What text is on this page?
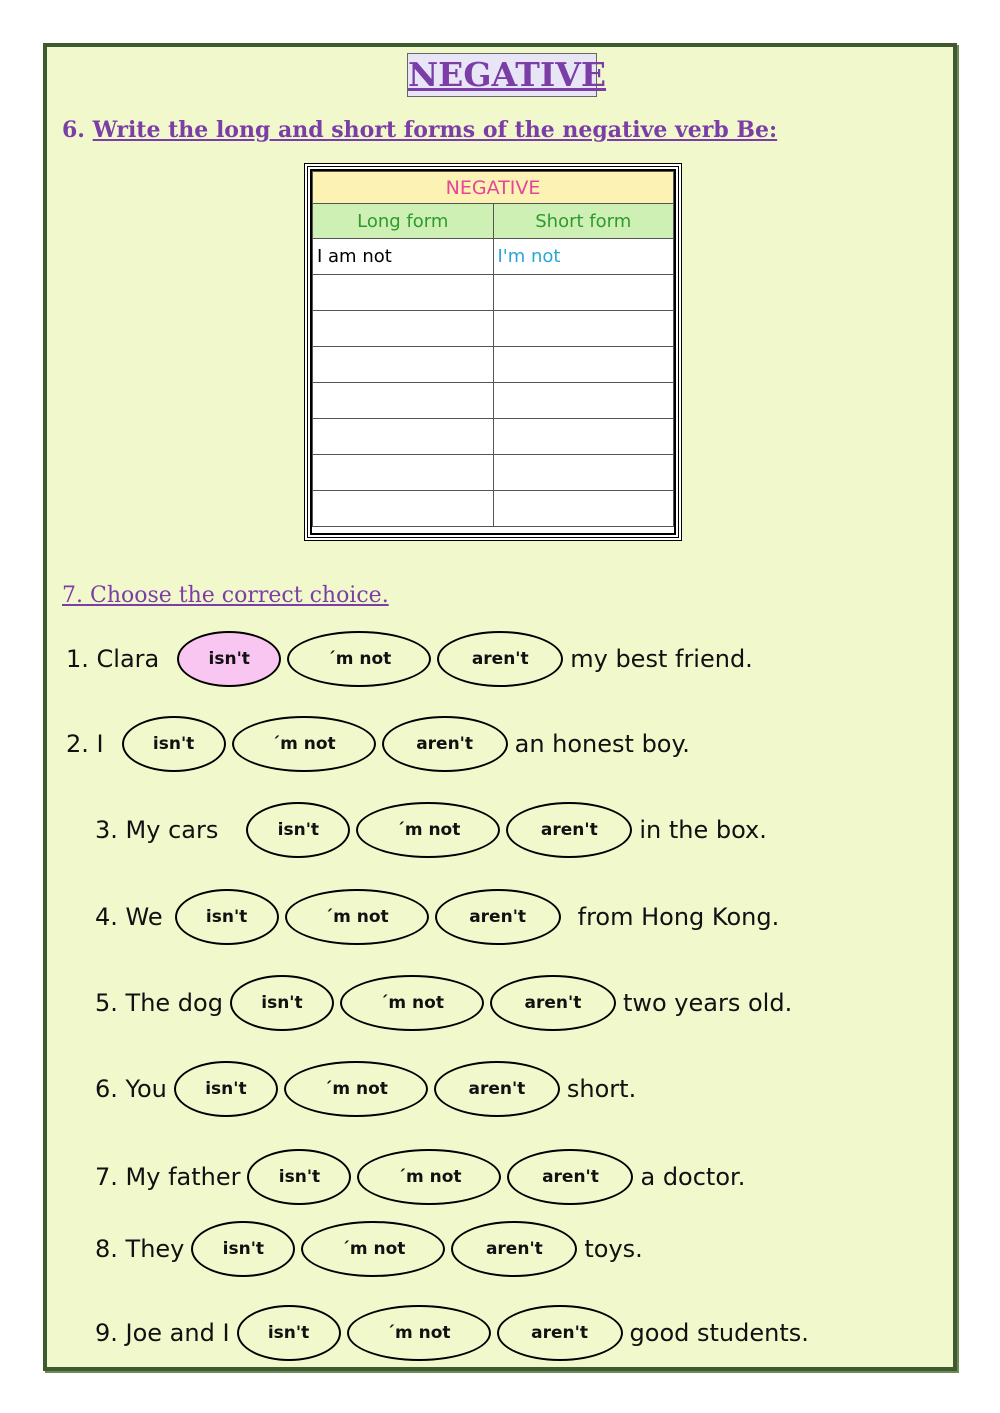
NEGATIVE
6. Write the long and short forms of the negative verb Be:
NEGATIVE	
Long form	Short form
I am not	I'm not

7. Choose the correct choice.
1. Clara	isn't	´m not	aren't	my best friend.
2. I	isn't	´m not	aren't	an honest boy.
3. My cars	isn't	´m not	aren't	in the box.
4. We	isn't	´m not	aren't	from Hong Kong.
5. The dog	isn't	´m not	aren't	two years old.
6. You	isn't	´m not	aren't	short.
7. My father	isn't	´m not	aren't	a doctor.
8. They	isn't	´m not	aren't	toys.
9. Joe and I	isn't	´m not	aren't	good students.
